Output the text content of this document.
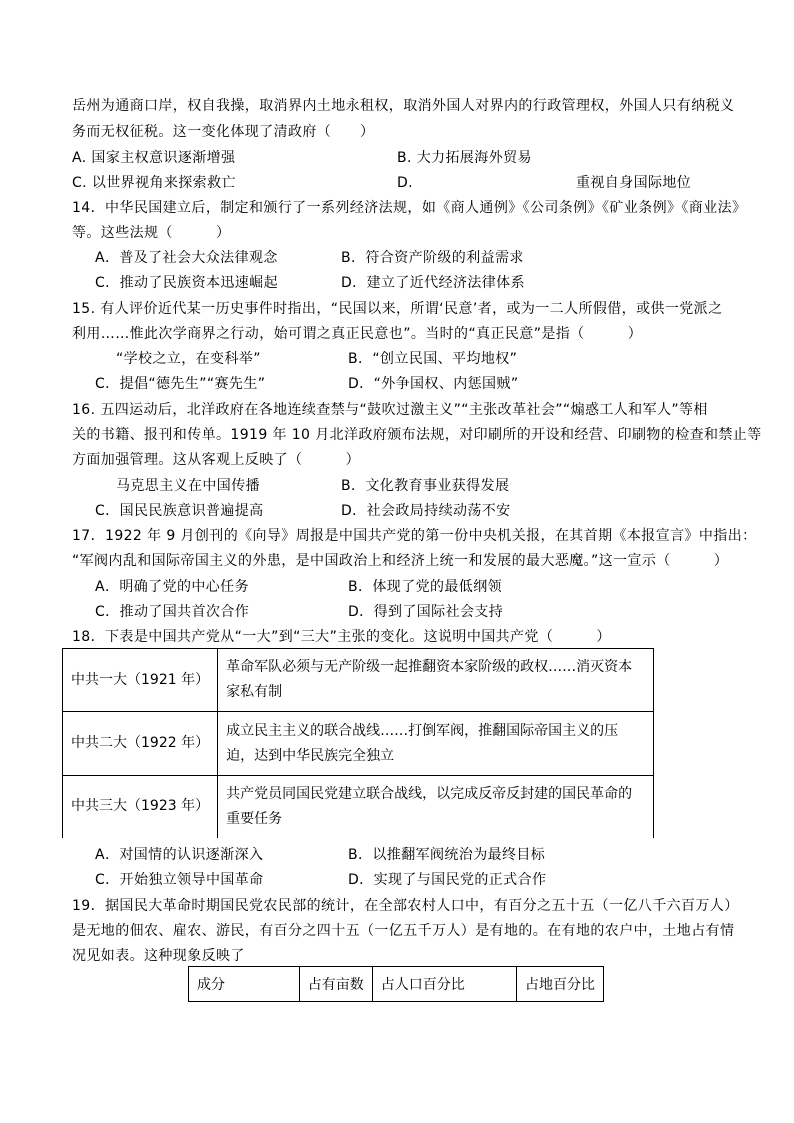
岳州为通商口岸，权自我操，取消界内土地永租权，取消外国人对界内的行政管理权，外国人只有纳税义
务而无权征税。这一变化体现了清政府（　　）
A. 国家主权意识逐渐增强	B. 大力拓展海外贸易
C. 以世界视角来探索救亡	D.	重视自身国际地位
14．中华民国建立后，制定和颁行了一系列经济法规，如《商人通例》《公司条例》《矿业条例》《商业法》
等。这些法规（　　　）
A．普及了社会大众法律观念	B．符合资产阶级的利益需求
C．推动了民族资本迅速崛起	D．建立了近代经济法律体系
15. 有人评价近代某一历史事件时指出，“民国以来，所谓‘民意’者，或为一二人所假借，或供一党派之
利用……惟此次学商界之行动，始可谓之真正民意也”。当时的“真正民意”是指（　　　）
“学校之立，在变科举”	B．“创立民国、平均地权”
C．提倡“德先生”“赛先生”	D．“外争国权、内惩国贼”
16. 五四运动后，北洋政府在各地连续查禁与“鼓吹过激主义”“主张改革社会”“煽惑工人和军人”等相
关的书籍、报刊和传单。1919 年 10 月北洋政府颁布法规，对印刷所的开设和经营、印刷物的检查和禁止等
方面加强管理。这从客观上反映了（　　　）
马克思主义在中国传播	B．文化教育事业获得发展
C．国民民族意识普遍提高	D．社会政局持续动荡不安
17．1922 年 9 月创刊的《向导》周报是中国共产党的第一份中央机关报，在其首期《本报宣言》中指出：
“军阀内乱和国际帝国主义的外患，是中国政治上和经济上统一和发展的最大恶魔。”这一宣示（　　　）
A．明确了党的中心任务	B．体现了党的最低纲领
C．推动了国共首次合作	D．得到了国际社会支持
18．下表是中国共产党从“一大”到“三大”主张的变化。这说明中国共产党（　　　）
中共一大（1921 年）	革命军队必须与无产阶级一起推翻资本家阶级的政权……消灭资本家私有制
中共二大（1922 年）	成立民主主义的联合战线……打倒军阀，推翻国际帝国主义的压迫，达到中华民族完全独立
中共三大（1923 年）	共产党员同国民党建立联合战线，以完成反帝反封建的国民革命的重要任务
A．对国情的认识逐渐深入	B．以推翻军阀统治为最终目标
C．开始独立领导中国革命	D．实现了与国民党的正式合作
19．据国民大革命时期国民党农民部的统计，在全部农村人口中，有百分之五十五（一亿八千六百万人）
是无地的佃农、雇农、游民，有百分之四十五（一亿五千万人）是有地的。在有地的农户中，土地占有情
况见如表。这种现象反映了
成分	占有亩数	占人口百分比	占地百分比
